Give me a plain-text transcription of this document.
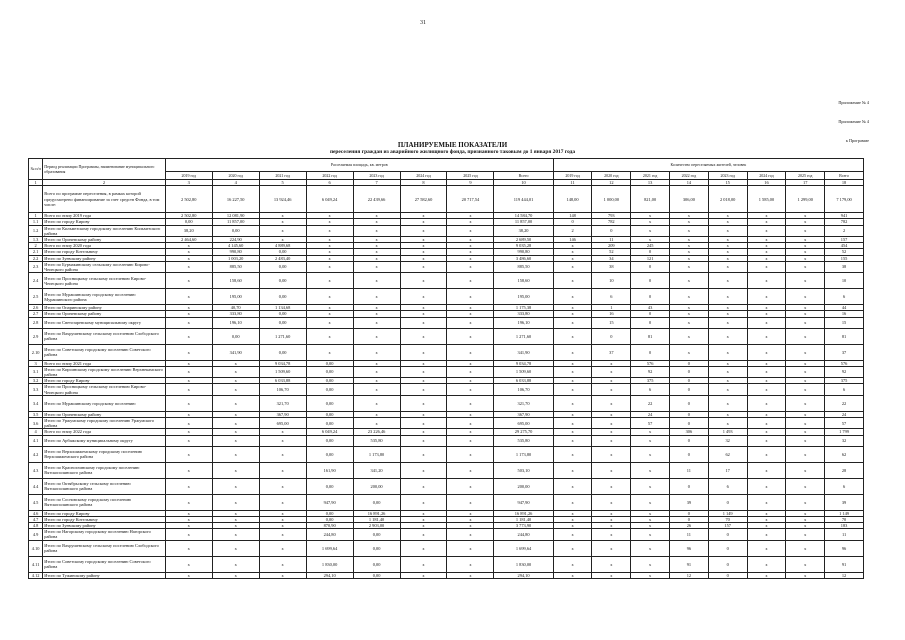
31
Приложение № 4
Приложение № 4
к Программе
ПЛАНИРУЕМЫЕ ПОКАЗАТЕЛИ
переселения граждан из аварийного жилищного фонда, признанного таковым до 1 января 2017 года
№ п/п	Период реализации Программы, наименование муниципального образования	Расселяемая площадь, кв. метров								Количество переселяемых жителей, человек							
		2019 год	2020 год	2021 год	2022 год	2023 год	2024 год	2025 год	Всего	2019 год	2020 год	2021 год	2022 год	2023 год	2024 год	2025 год	Всего
1	2	3	4	5	6	7	8	9	10	11	12	13	14	15	16	17	18
	Всего по программе переселения, в рамках которой предусмотрено финансирование за счет средств Фонда, в том числе:	2 502,80	16 227,50	13 924,46	6 049,24	22 439,66	27 582,60	20 717,54	119 444,01	148,00	1 000,00	821,00	306,00	2 018,00	1 585,00	1 299,00	7 179,00
1	Всего по этапу 2019 года	2 502,80	12 081,90	x	x	x	x	x	14 584,70	148	793	x	x	x	x	x	941
1.1	Итого по городу Кирову	0,00	11 857,00	x	x	x	x	x	11 857,00	0	782	x	x	x	x	x	782
1.2	Итого по Кильмезскому городскому поселению Кильмезского района	38,20	0,00	x	x	x	x	x	38,20	2	0	x	x	x	x	x	2
1.3	Итого по Оричевскому району	2 464,60	224,90	x	x	x	x	x	2 689,50	146	11	x	x	x	x	x	157
2	Всего по этапу 2020 года	x	4 145,60	4 889,68	x	x	x	x	9 035,28	x	209	245	x	x	x	x	454
2.1	Итого по городу Котельничу	x	990,80	0,00	x	x	x	x	990,80	x	52	0	x	x	x	x	52
2.2	Итого по Зуевскому району	x	1 003,20	2 483,40	x	x	x	x	3 486,60	x	34	121	x	x	x	x	155
2.3	Итого по Бурмакинскому сельскому поселению Кирово-Чепецкого района	x	885,50	0,00	x	x	x	x	885,50	x	38	0	x	x	x	x	38
2.4	Итого по Просницкому сельскому поселению Кирово-Чепецкого района	x	158,60	0,00	x	x	x	x	158,60	x	10	0	x	x	x	x	10
2.5	Итого по Мурашинскому городскому поселению Мурашинского района	x	195,00	0,00	x	x	x	x	195,00	x	6	0	x	x	x	x	6
2.6	Итого по Опаринскому району	x	40,70	1 134,68	x	x	x	x	1 175,38	x	1	43	x	x	x	x	44
2.7	Итого по Оричевскому району	x	333,80	0,00	x	x	x	x	333,80	x	16	0	x	x	x	x	16
2.8	Итого по Светозаревскому муниципальному округу	x	196,10	0,00	x	x	x	x	196,10	x	15	0	x	x	x	x	15
2.9	Итого по Вахрушевскому сельскому поселению Слободского района	x	0,00	1 271,60	x	x	x	x	1 271,60	x	0	81	x	x	x	x	81
2.10	Итого по Советскому городскому поселению Советского района	x	341,90	0,00	x	x	x	x	341,90	x	37	0	x	x	x	x	37
3	Всего по этапу 2021 года	x	x	9 034,78	0,00	x	x	x	9 034,78	x	x	576	0	x	x	x	576
3.1	Итого по Кирсинскому городскому поселению Верхнекамского района	x	x	1 509,60	0,00	x	x	x	1 509,60	x	x	92	0	x	x	x	92
3.2	Итого по городу Кирову	x	x	6 033,88	0,00	x	x	x	6 033,88	x	x	375	0	x	x	x	375
3.3	Итого по Просницкому сельскому поселению Кирово-Чепецкого района	x	x	106,70	0,00	x	x	x	106,70	x	x	6	0	x	x	x	6
3.4	Итого по Мурашинскому городскому поселению	x	x	321,70	0,00	x	x	x	321,70	x	x	22	0	x	x	x	22
3.5	Итого по Оричевскому району	x	x	367,90	0,00	x	x	x	367,90	x	x	24	0	x	x	x	24
3.6	Итого по Уржумскому городскому поселению Уржумского района	x	x	695,00	0,00	x	x	x	695,00	x	x	57	0	x	x	x	57
4	Всего по этапу 2022 года	x	x	x	6 049,24	23 226,46	x	x	29 275,70	x	x	x	306	1 493	x	x	1 799
4.1	Итого по Арбажскому муниципальному округу	x	x	x	0,00	535,80	x	x	535,80	x	x	x	0	32	x	x	32
4.2	Итого по Верхошижемскому городскому поселению Верхошижемского района	x	x	x	0,00	1 173,80	x	x	1 173,80	x	x	x	0	62	x	x	62
4.3	Итого по Красноглинскому городскому поселению Вятскополянского района	x	x	x	161,90	341,20	x	x	503,10	x	x	x	11	17	x	x	28
4.4	Итого по Октябрьскому сельскому поселению Вятскополянского района	x	x	x	0,00	200,00	x	x	200,00	x	x	x	0	6	x	x	6
4.5	Итого по Сосновскому городскому поселению Вятскополянского района	x	x	x	947,90	0,00	x	x	947,90	x	x	x	39	0	x	x	39
4.6	Итого по городу Кирову	x	x	x	0,00	16 891,26	x	x	16 891,26	x	x	x	0	1 149	x	x	1 149
4.7	Итого по городу Котельничу	x	x	x	0,00	1 181,40	x	x	1 181,40	x	x	x	0	70	x	x	70
4.8	Итого по Зуевскому району	x	x	x	870,90	2 903,00	x	x	3 773,90	x	x	x	26	157	x	x	183
4.9	Итого по Нагорскому городскому поселению Нагорского района	x	x	x	244,80	0,00	x	x	244,80	x	x	x	11	0	x	x	11
4.10	Итого по Вахрушевскому сельскому поселению Слободского района	x	x	x	1 699,64	0,00	x	x	1 699,64	x	x	x	96	0	x	x	96
4.11	Итого по Советскому городскому поселению Советского района	x	x	x	1 830,00	0,00	x	x	1 830,00	x	x	x	91	0	x	x	91
4.12	Итого по Тужинскому району	x	x	x	294,10	0,00	x	x	294,10	x	x	x	12	0	x	x	12
